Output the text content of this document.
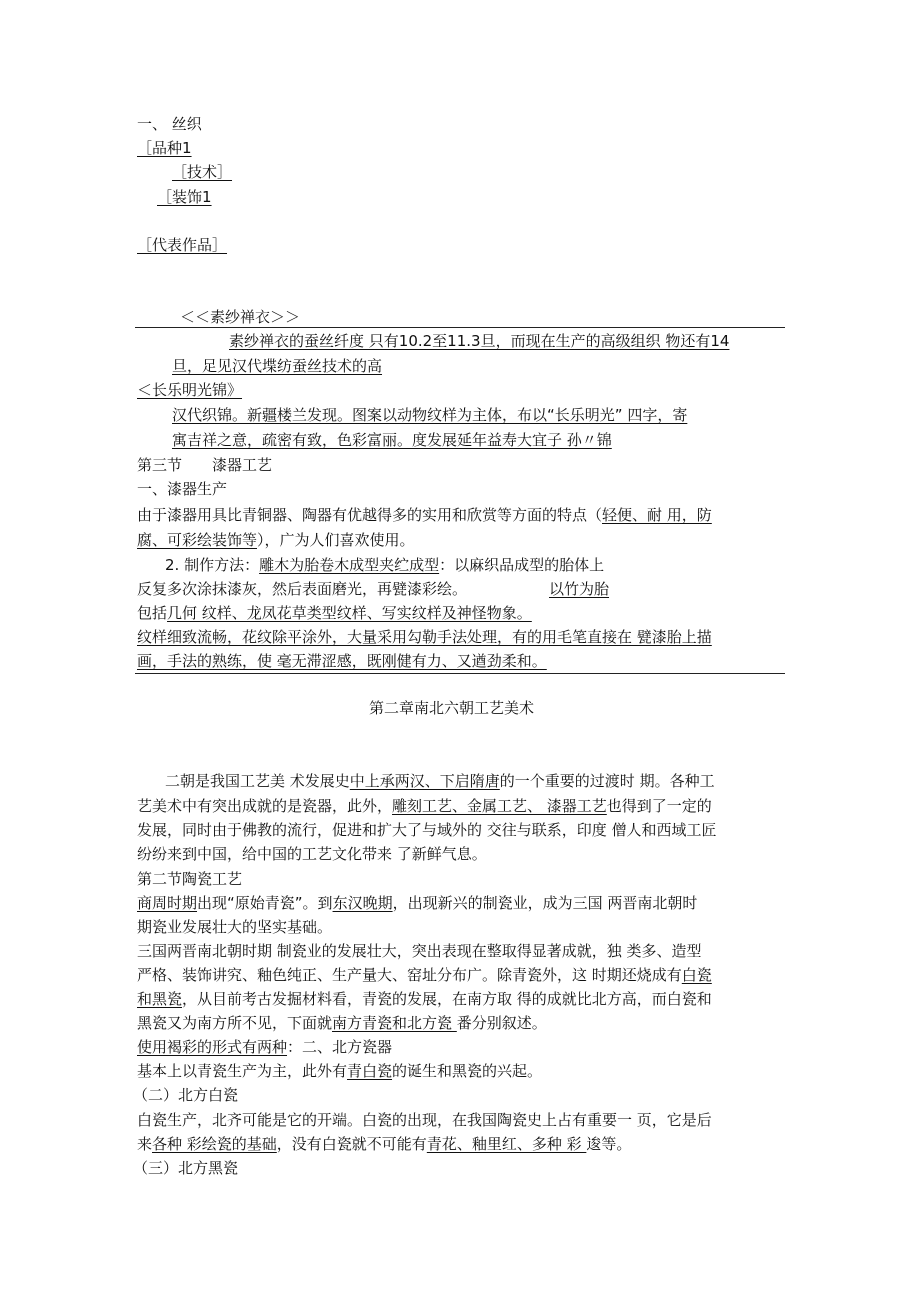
一、 丝织
［品种1
［技术］
［装饰1
［代表作品］
＜＜素纱禅衣＞＞
素纱禅衣的蚕丝纤度 只有10.2至11.3旦，而现在生产的高级组织 物还有14
旦，足见汉代堞纺蚕丝技术的高
＜长乐明光锦》
汉代织锦。新疆楼兰发现。图案以动物纹样为主体，布以“长乐明光” 四字，寄
寓吉祥之意，疏密有致，色彩富丽。度发展延年益寿大宜子 孙〃锦
第三节　　漆器工艺
一、漆器生产
由于漆器用具比青铜器、陶器有优越得多的实用和欣赏等方面的特点（轻便、耐 用，防
腐、可彩绘装饰等），广为人们喜欢使用。
2. 制作方法：雕木为胎卷木成型夹纻成型：以麻织品成型的胎体上
反复多次涂抹漆灰，然后表面磨光，再甓漆彩绘。	以竹为胎
包括几何 纹样、龙凤花草类型纹样、写实纹样及神怪物象。
纹样细致流畅，花纹除平涂外，大量采用勾勒手法处理，有的用毛笔直接在 甓漆胎上描
画，手法的熟练，使 毫无滞涩感，既刚健有力、又遒劲柔和。
第二章南北六朝工艺美术
二朝是我国工艺美 术发展史中上承两汉、下启隋唐的一个重要的过渡时 期。各种工
艺美术中有突出成就的是瓷器，此外，雕刻工艺、金属工艺、 漆器工艺也得到了一定的
发展，同时由于佛教的流行，促进和扩大了与域外的 交往与联系，印度 僧人和西域工匠
纷纷来到中国，给中国的工艺文化带来 了新鲜气息。
第二节陶瓷工艺
商周时期出现“原始青瓷”。到东汉晚期，出现新兴的制瓷业，成为三国 两晋南北朝时
期瓷业发展壮大的坚实基础。
三国两晋南北朝时期 制瓷业的发展壮大，突出表现在整取得显著成就，独 类多、造型
严格、装饰讲究、釉色纯正、生产量大、窑址分布广。除青瓷外，这 时期还烧成有白瓷
和黑瓷，从目前考古发掘材料看，青瓷的发展，在南方取 得的成就比北方高，而白瓷和
黑瓷又为南方所不见，下面就南方青瓷和北方瓷 番分别叙述。
使用褐彩的形式有两种：二、北方瓷器
基本上以青瓷生产为主，此外有青白瓷的诞生和黑瓷的兴起。
（二）北方白瓷
白瓷生产，北齐可能是它的开端。白瓷的出现，在我国陶瓷史上占有重要一 页，它是后
来各种 彩绘瓷的基础，没有白瓷就不可能有青花、釉里红、多种 彩 逡等。
（三）北方黑瓷
